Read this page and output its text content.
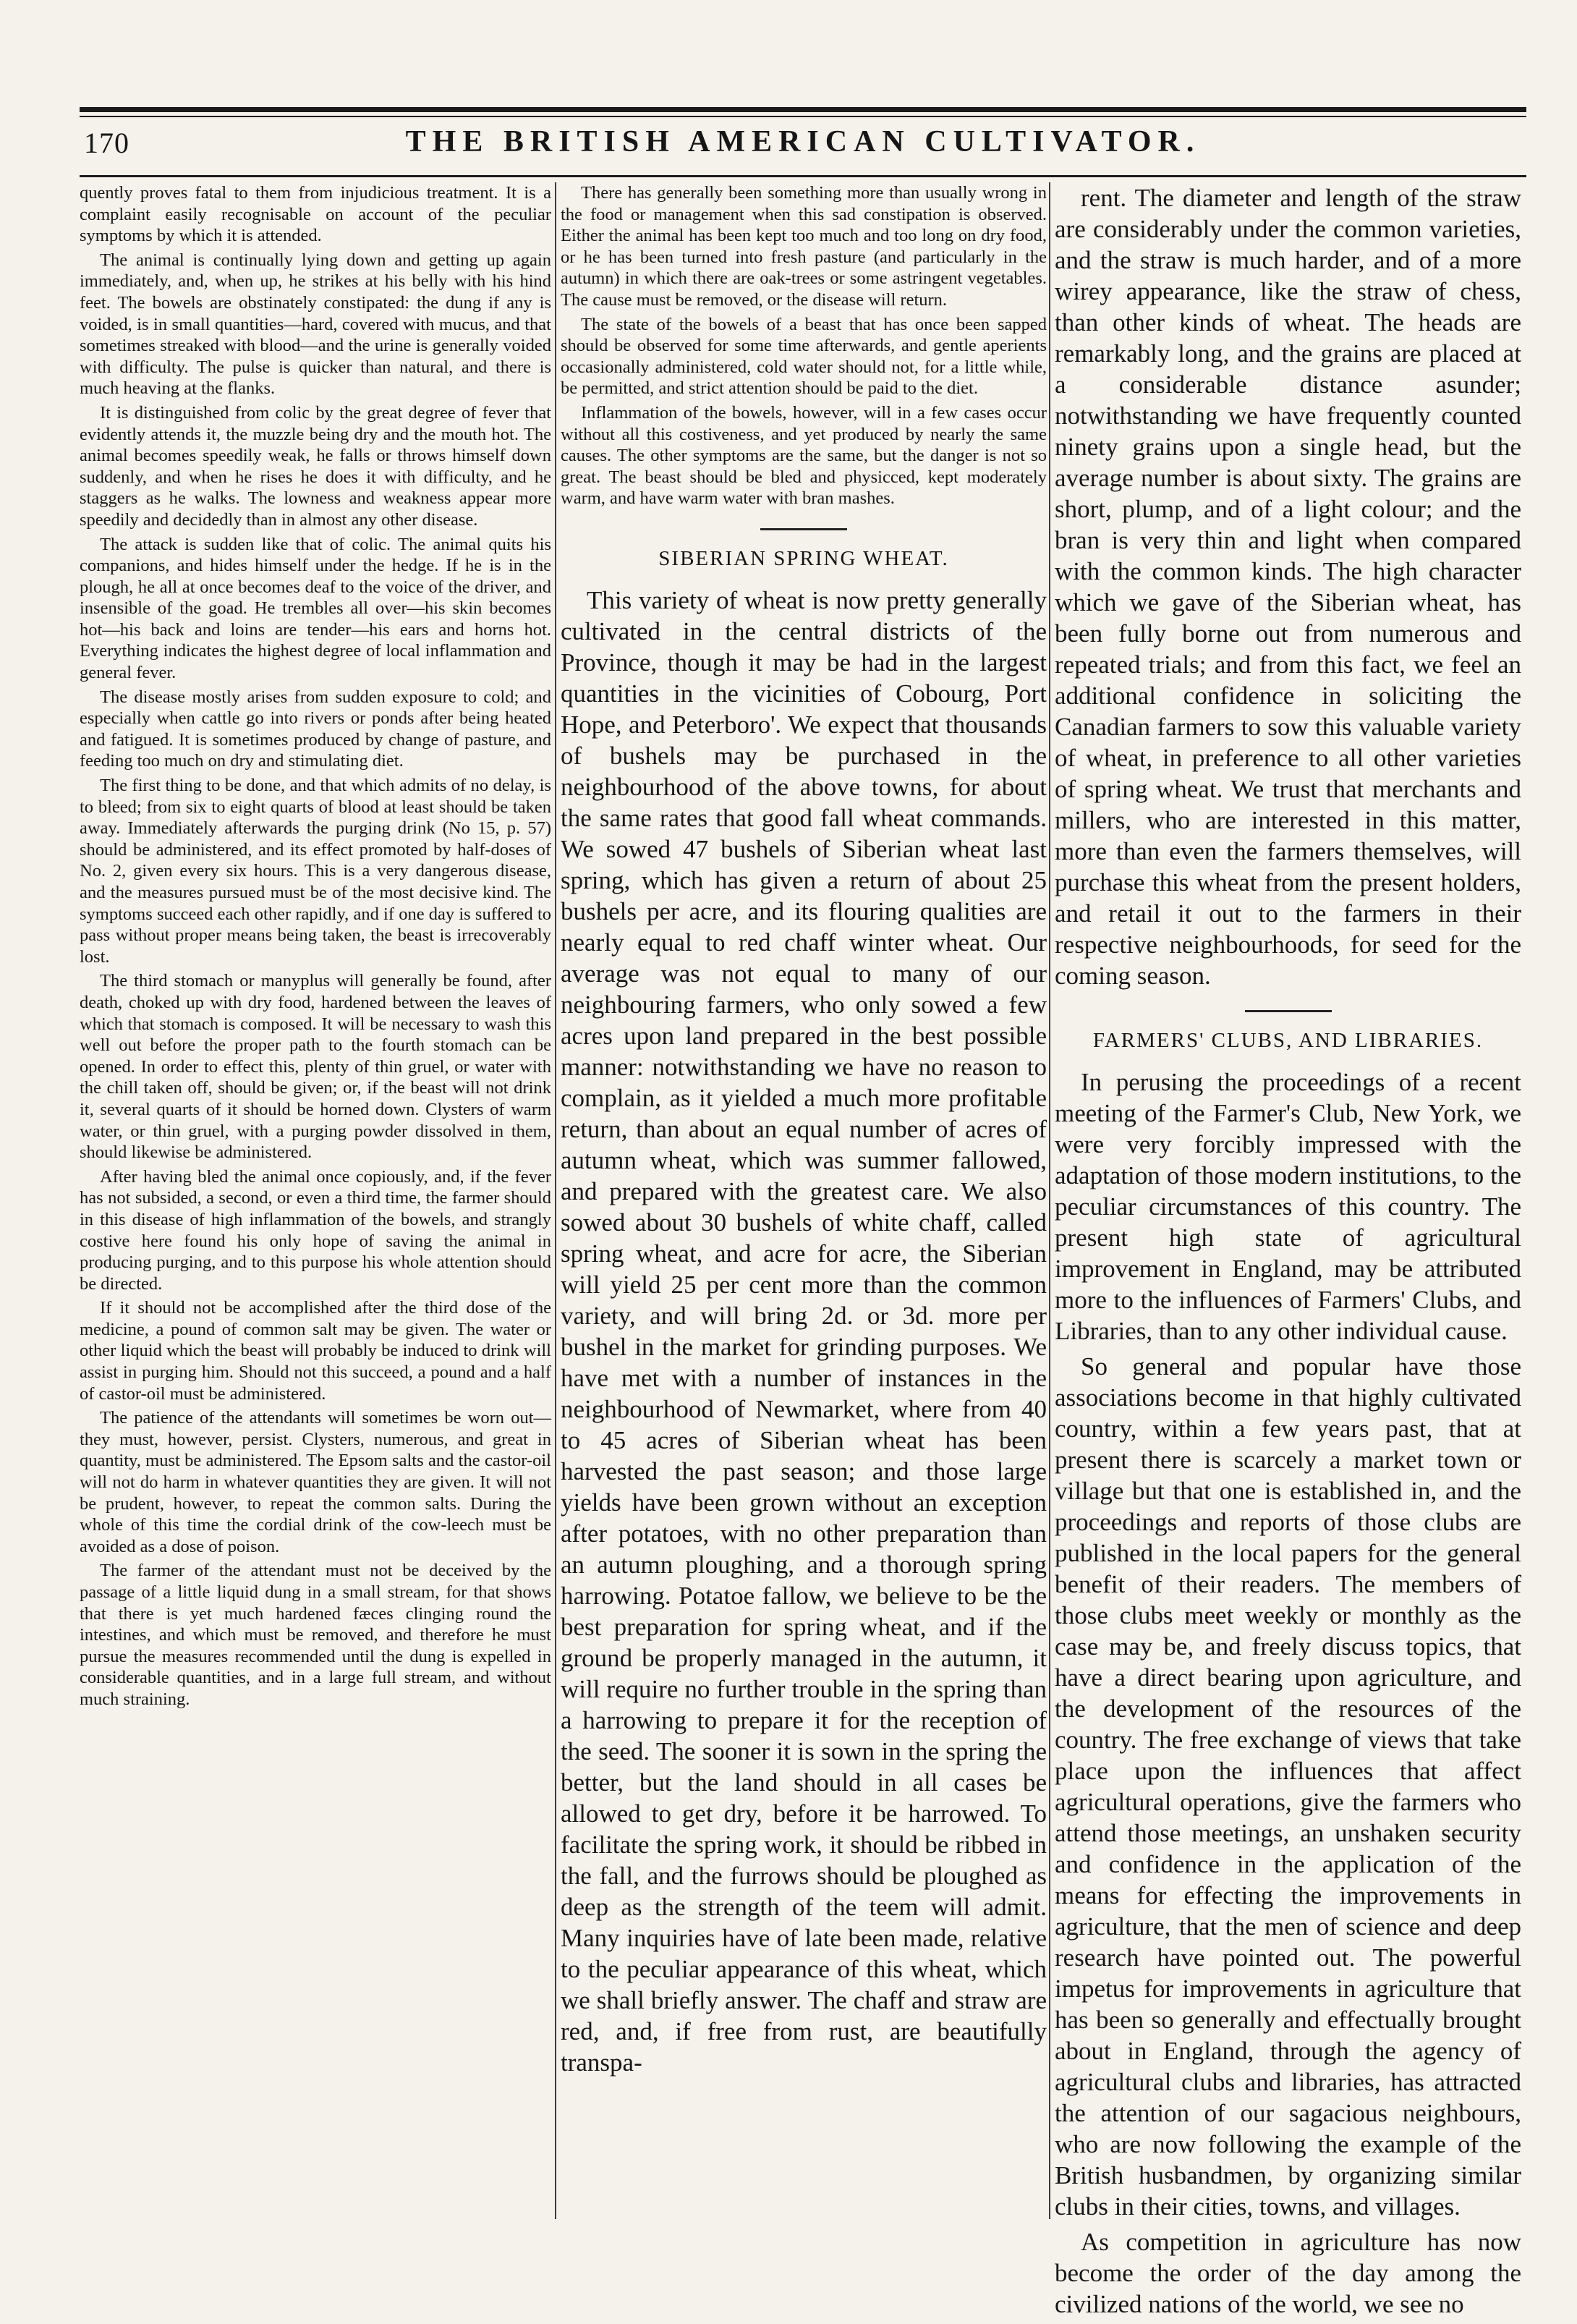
170	THE BRITISH AMERICAN CULTIVATOR.

quently proves fatal to them from injudicious treatment. It is a complaint easily recognisable on account of the peculiar symptoms by which it is attended.

The animal is continually lying down and getting up again immediately, and, when up, he strikes at his belly with his hind feet. The bowels are obstinately constipated: the dung if any is voided, is in small quantities—hard, covered with mucus, and that sometimes streaked with blood—and the urine is generally voided with difficulty. The pulse is quicker than natural, and there is much heaving at the flanks.

It is distinguished from colic by the great degree of fever that evidently attends it, the muzzle being dry and the mouth hot. The animal becomes speedily weak, he falls or throws himself down suddenly, and when he rises he does it with difficulty, and he staggers as he walks. The lowness and weakness appear more speedily and decidedly than in almost any other disease.

The attack is sudden like that of colic. The animal quits his companions, and hides himself under the hedge. If he is in the plough, he all at once becomes deaf to the voice of the driver, and insensible of the goad. He trembles all over—his skin becomes hot—his back and loins are tender—his ears and horns hot. Everything indicates the highest degree of local inflammation and general fever.

The disease mostly arises from sudden exposure to cold; and especially when cattle go into rivers or ponds after being heated and fatigued. It is sometimes produced by change of pasture, and feeding too much on dry and stimulating diet.

The first thing to be done, and that which admits of no delay, is to bleed; from six to eight quarts of blood at least should be taken away. Immediately afterwards the purging drink (No 15, p. 57) should be administered, and its effect promoted by half-doses of No. 2, given every six hours. This is a very dangerous disease, and the measures pursued must be of the most decisive kind. The symptoms succeed each other rapidly, and if one day is suffered to pass without proper means being taken, the beast is irrecoverably lost.

The third stomach or manyplus will generally be found, after death, choked up with dry food, hardened between the leaves of which that stomach is composed. It will be necessary to wash this well out before the proper path to the fourth stomach can be opened. In order to effect this, plenty of thin gruel, or water with the chill taken off, should be given; or, if the beast will not drink it, several quarts of it should be horned down. Clysters of warm water, or thin gruel, with a purging powder dissolved in them, should likewise be administered.

After having bled the animal once copiously, and, if the fever has not subsided, a second, or even a third time, the farmer should in this disease of high inflammation of the bowels, and strangly costive here found his only hope of saving the animal in producing purging, and to this purpose his whole attention should be directed.

If it should not be accomplished after the third dose of the medicine, a pound of common salt may be given. The water or other liquid which the beast will probably be induced to drink will assist in purging him. Should not this succeed, a pound and a half of castor-oil must be administered.

The patience of the attendants will sometimes be worn out—they must, however, persist. Clysters, numerous, and great in quantity, must be administered. The Epsom salts and the castor-oil will not do harm in whatever quantities they are given. It will not be prudent, however, to repeat the common salts. During the whole of this time the cordial drink of the cow-leech must be avoided as a dose of poison.

The farmer of the attendant must not be deceived by the passage of a little liquid dung in a small stream, for that shows that there is yet much hardened fæces clinging round the intestines, and which must be removed, and therefore he must pursue the measures recommended until the dung is expelled in considerable quantities, and in a large full stream, and without much straining.

There has generally been something more than usually wrong in the food or management when this sad constipation is observed. Either the animal has been kept too much and too long on dry food, or he has been turned into fresh pasture (and particularly in the autumn) in which there are oak-trees or some astringent vegetables. The cause must be removed, or the disease will return.

The state of the bowels of a beast that has once been sapped should be observed for some time afterwards, and gentle aperients occasionally administered, cold water should not, for a little while, be permitted, and strict attention should be paid to the diet.

Inflammation of the bowels, however, will in a few cases occur without all this costiveness, and yet produced by nearly the same causes. The other symptoms are the same, but the danger is not so great. The beast should be bled and physicced, kept moderately warm, and have warm water with bran mashes.

SIBERIAN SPRING WHEAT.

This variety of wheat is now pretty generally cultivated in the central districts of the Province, though it may be had in the largest quantities in the vicinities of Cobourg, Port Hope, and Peterboro'. We expect that thousands of bushels may be purchased in the neighbourhood of the above towns, for about the same rates that good fall wheat commands. We sowed 47 bushels of Siberian wheat last spring, which has given a return of about 25 bushels per acre, and its flouring qualities are nearly equal to red chaff winter wheat. Our average was not equal to many of our neighbouring farmers, who only sowed a few acres upon land prepared in the best possible manner: notwithstanding we have no reason to complain, as it yielded a much more profitable return, than about an equal number of acres of autumn wheat, which was summer fallowed, and prepared with the greatest care. We also sowed about 30 bushels of white chaff, called spring wheat, and acre for acre, the Siberian will yield 25 per cent more than the common variety, and will bring 2d. or 3d. more per bushel in the market for grinding purposes. We have met with a number of instances in the neighbourhood of Newmarket, where from 40 to 45 acres of Siberian wheat has been harvested the past season; and those large yields have been grown without an exception after potatoes, with no other preparation than an autumn ploughing, and a thorough spring harrowing. Potatoe fallow, we believe to be the best preparation for spring wheat, and if the ground be properly managed in the autumn, it will require no further trouble in the spring than a harrowing to prepare it for the reception of the seed. The sooner it is sown in the spring the better, but the land should in all cases be allowed to get dry, before it be harrowed. To facilitate the spring work, it should be ribbed in the fall, and the furrows should be ploughed as deep as the strength of the teem will admit. Many inquiries have of late been made, relative to the peculiar appearance of this wheat, which we shall briefly answer. The chaff and straw are red, and, if free from rust, are beautifully transpa-

rent. The diameter and length of the straw are considerably under the common varieties, and the straw is much harder, and of a more wirey appearance, like the straw of chess, than other kinds of wheat. The heads are remarkably long, and the grains are placed at a considerable distance asunder; notwithstanding we have frequently counted ninety grains upon a single head, but the average number is about sixty. The grains are short, plump, and of a light colour; and the bran is very thin and light when compared with the common kinds. The high character which we gave of the Siberian wheat, has been fully borne out from numerous and repeated trials; and from this fact, we feel an additional confidence in soliciting the Canadian farmers to sow this valuable variety of wheat, in preference to all other varieties of spring wheat. We trust that merchants and millers, who are interested in this matter, more than even the farmers themselves, will purchase this wheat from the present holders, and retail it out to the farmers in their respective neighbourhoods, for seed for the coming season.

FARMERS' CLUBS, AND LIBRARIES.

In perusing the proceedings of a recent meeting of the Farmer's Club, New York, we were very forcibly impressed with the adaptation of those modern institutions, to the peculiar circumstances of this country. The present high state of agricultural improvement in England, may be attributed more to the influences of Farmers' Clubs, and Libraries, than to any other individual cause.

So general and popular have those associations become in that highly cultivated country, within a few years past, that at present there is scarcely a market town or village but that one is established in, and the proceedings and reports of those clubs are published in the local papers for the general benefit of their readers. The members of those clubs meet weekly or monthly as the case may be, and freely discuss topics, that have a direct bearing upon agriculture, and the development of the resources of the country. The free exchange of views that take place upon the influences that affect agricultural operations, give the farmers who attend those meetings, an unshaken security and confidence in the application of the means for effecting the improvements in agriculture, that the men of science and deep research have pointed out. The powerful impetus for improvements in agriculture that has been so generally and effectually brought about in England, through the agency of agricultural clubs and libraries, has attracted the attention of our sagacious neighbours, who are now following the example of the British husbandmen, by organizing similar clubs in their cities, towns, and villages.

As competition in agriculture has now become the order of the day among the civilized nations of the world, we see no
